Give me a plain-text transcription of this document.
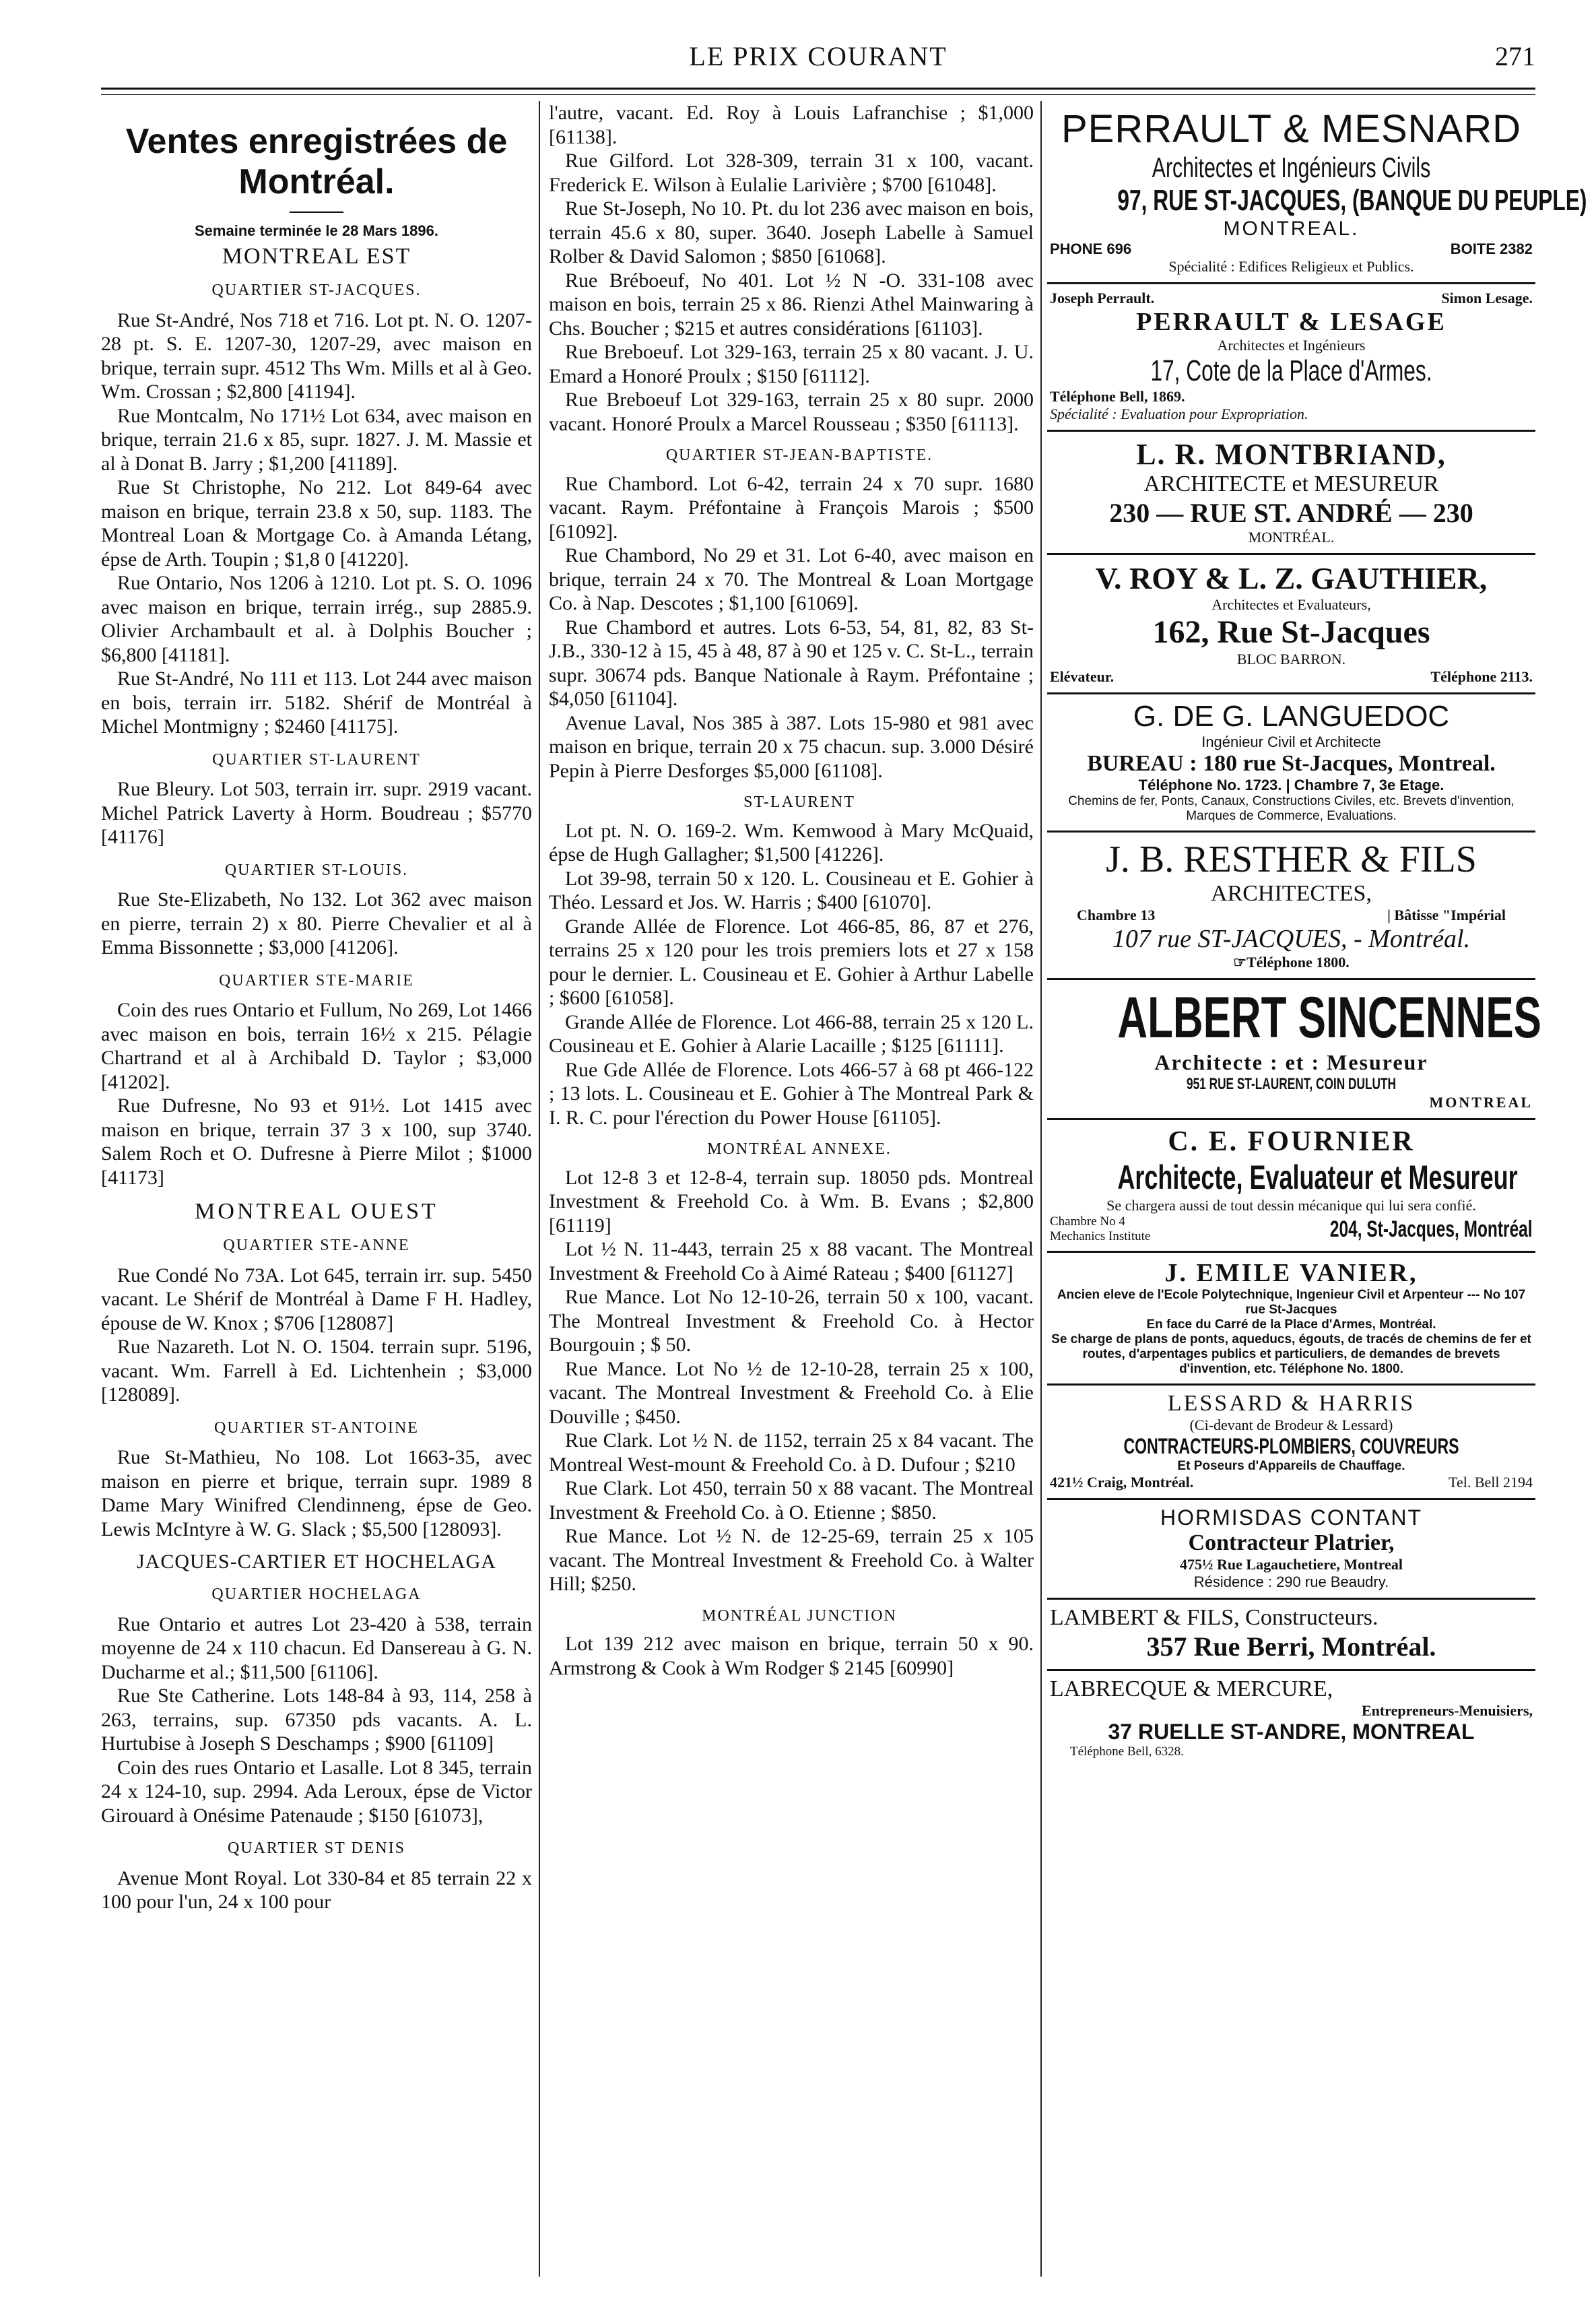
LE PRIX COURANT	271
Ventes enregistrées de Montréal.
Semaine terminée le 28 Mars 1896.
MONTREAL EST

QUARTIER ST-JACQUES.

Rue St-André, Nos 718 et 716. Lot pt. N. O. 1207-28 pt. S. E. 1207-30, 1207-29, avec maison en brique, terrain supr. 4512 Ths Wm. Mills et al à Geo. Wm. Crossan ; $2,800 [41194].

Rue Montcalm, No 171½ Lot 634, avec maison en brique, terrain 21.6 x 85, supr. 1827. J. M. Massie et al à Donat B. Jarry ; $1,200 [41189].

Rue St Christophe, No 212. Lot 849-64 avec maison en brique, terrain 23.8 x 50, sup. 1183. The Montreal Loan & Mortgage Co. à Amanda Létang, épse de Arth. Toupin ; $1,8 0 [41220].

Rue Ontario, Nos 1206 à 1210. Lot pt. S. O. 1096 avec maison en brique, terrain irrég., sup 2885.9. Olivier Archambault et al. à Dolphis Boucher ; $6,800 [41181].

Rue St-André, No 111 et 113. Lot 244 avec maison en bois, terrain irr. 5182. Shérif de Montréal à Michel Montmigny ; $2460 [41175].

QUARTIER ST-LAURENT

Rue Bleury. Lot 503, terrain irr. supr. 2919 vacant. Michel Patrick Laverty à Horm. Boudreau ; $5770 [41176]

QUARTIER ST-LOUIS.

Rue Ste-Elizabeth, No 132. Lot 362 avec maison en pierre, terrain 2) x 80. Pierre Chevalier et al à Emma Bissonnette ; $3,000 [41206].

QUARTIER STE-MARIE

Coin des rues Ontario et Fullum, No 269, Lot 1466 avec maison en bois, terrain 16½ x 215. Pélagie Chartrand et al à Archibald D. Taylor ; $3,000 [41202].

Rue Dufresne, No 93 et 91½. Lot 1415 avec maison en brique, terrain 37 3 x 100, sup 3740. Salem Roch et O. Dufresne à Pierre Milot ; $1000 [41173]

MONTREAL OUEST

QUARTIER STE-ANNE

Rue Condé No 73A. Lot 645, terrain irr. sup. 5450 vacant. Le Shérif de Montréal à Dame F H. Hadley, épouse de W. Knox ; $706 [128087]

Rue Nazareth. Lot N. O. 1504. terrain supr. 5196, vacant. Wm. Farrell à Ed. Lichtenhein ; $3,000 [128089].

QUARTIER ST-ANTOINE

Rue St-Mathieu, No 108. Lot 1663-35, avec maison en pierre et brique, terrain supr. 1989 8 Dame Mary Winifred Clendinneng, épse de Geo. Lewis McIntyre à W. G. Slack ; $5,500 [128093].

JACQUES-CARTIER ET HOCHELAGA

QUARTIER HOCHELAGA

Rue Ontario et autres Lot 23-420 à 538, terrain moyenne de 24 x 110 chacun. Ed Dansereau à G. N. Ducharme et al.; $11,500 [61106].

Rue Ste Catherine. Lots 148-84 à 93, 114, 258 à 263, terrains, sup. 67350 pds vacants. A. L. Hurtubise à Joseph S Deschamps ; $900 [61109]

Coin des rues Ontario et Lasalle. Lot 8 345, terrain 24 x 124-10, sup. 2994. Ada Leroux, épse de Victor Girouard à Onésime Patenaude ; $150 [61073],

QUARTIER ST DENIS

Avenue Mont Royal. Lot 330-84 et 85 terrain 22 x 100 pour l'un, 24 x 100 pour

l'autre, vacant. Ed. Roy à Louis Lafranchise ; $1,000 [61138].

Rue Gilford. Lot 328-309, terrain 31 x 100, vacant. Frederick E. Wilson à Eulalie Larivière ; $700 [61048].

Rue St-Joseph, No 10. Pt. du lot 236 avec maison en bois, terrain 45.6 x 80, super. 3640. Joseph Labelle à Samuel Rolber & David Salomon ; $850 [61068].

Rue Bréboeuf, No 401. Lot ½ N -O. 331-108 avec maison en bois, terrain 25 x 86. Rienzi Athel Mainwaring à Chs. Boucher ; $215 et autres considérations [61103].

Rue Breboeuf. Lot 329-163, terrain 25 x 80 vacant. J. U. Emard a Honoré Proulx ; $150 [61112].

Rue Breboeuf Lot 329-163, terrain 25 x 80 supr. 2000 vacant. Honoré Proulx a Marcel Rousseau ; $350 [61113].

QUARTIER ST-JEAN-BAPTISTE.

Rue Chambord. Lot 6-42, terrain 24 x 70 supr. 1680 vacant. Raym. Préfontaine à François Marois ; $500 [61092].

Rue Chambord, No 29 et 31. Lot 6-40, avec maison en brique, terrain 24 x 70. The Montreal & Loan Mortgage Co. à Nap. Descotes ; $1,100 [61069].

Rue Chambord et autres. Lots 6-53, 54, 81, 82, 83 St-J.B., 330-12 à 15, 45 à 48, 87 à 90 et 125 v. C. St-L., terrain supr. 30674 pds. Banque Nationale à Raym. Préfontaine ; $4,050 [61104].

Avenue Laval, Nos 385 à 387. Lots 15-980 et 981 avec maison en brique, terrain 20 x 75 chacun. sup. 3.000 Désiré Pepin à Pierre Desforges $5,000 [61108].

ST-LAURENT

Lot pt. N. O. 169-2. Wm. Kemwood à Mary McQuaid, épse de Hugh Gallagher; $1,500 [41226].

Lot 39-98, terrain 50 x 120. L. Cousineau et E. Gohier à Théo. Lessard et Jos. W. Harris ; $400 [61070].

Grande Allée de Florence. Lot 466-85, 86, 87 et 276, terrains 25 x 120 pour les trois premiers lots et 27 x 158 pour le dernier. L. Cousineau et E. Gohier à Arthur Labelle ; $600 [61058].

Grande Allée de Florence. Lot 466-88, terrain 25 x 120 L. Cousineau et E. Gohier à Alarie Lacaille ; $125 [61111].

Rue Gde Allée de Florence. Lots 466-57 à 68 pt 466-122 ; 13 lots. L. Cousineau et E. Gohier à The Montreal Park & I. R. C. pour l'érection du Power House [61105].

MONTRÉAL ANNEXE.

Lot 12-8 3 et 12-8-4, terrain sup. 18050 pds. Montreal Investment & Freehold Co. à Wm. B. Evans ; $2,800 [61119]

Lot ½ N. 11-443, terrain 25 x 88 vacant. The Montreal Investment & Freehold Co à Aimé Rateau ; $400 [61127]

Rue Mance. Lot No 12-10-26, terrain 50 x 100, vacant. The Montreal Investment & Freehold Co. à Hector Bourgouin ; $ 50.

Rue Mance. Lot No ½ de 12-10-28, terrain 25 x 100, vacant. The Montreal Investment & Freehold Co. à Elie Douville ; $450.

Rue Clark. Lot ½ N. de 1152, terrain 25 x 84 vacant. The Montreal West-mount & Freehold Co. à D. Dufour ; $210

Rue Clark. Lot 450, terrain 50 x 88 vacant. The Montreal Investment & Freehold Co. à O. Etienne ; $850.

Rue Mance. Lot ½ N. de 12-25-69, terrain 25 x 105 vacant. The Montreal Investment & Freehold Co. à Walter Hill; $250.

MONTRÉAL JUNCTION

Lot 139 212 avec maison en brique, terrain 50 x 90. Armstrong & Cook à Wm Rodger $ 2145 [60990]

PERRAULT & MESNARD
Architectes et Ingénieurs Civils
97, RUE ST-JACQUES, (BANQUE DU PEUPLE)
MONTREAL.
PHONE 696	BOITE 2382
Spécialité : Edifices Religieux et Publics.
Joseph Perrault.	Simon Lesage.
PERRAULT & LESAGE
Architectes et Ingénieurs
17, Cote de la Place d'Armes.
Téléphone Bell, 1869.
Spécialité : Evaluation pour Expropriation.
L. R. MONTBRIAND,
ARCHITECTE et MESUREUR
230 — RUE ST. ANDRÉ — 230
MONTRÉAL.
V. ROY & L. Z. GAUTHIER,
Architectes et Evaluateurs,
162, Rue St-Jacques
BLOC BARRON.
Elévateur.	Téléphone 2113.
G. DE G. LANGUEDOC
Ingénieur Civil et Architecte
BUREAU : 180 rue St-Jacques, Montreal.
Téléphone No. 1723. | Chambre 7, 3e Etage.
Chemins de fer, Ponts, Canaux, Constructions Civiles, etc. Brevets d'invention, Marques de Commerce, Evaluations.
J. B. RESTHER & FILS
ARCHITECTES,
Chambre 13	| Bâtisse "Impérial
107 rue ST-JACQUES, - Montréal.
☞Téléphone 1800.
ALBERT SINCENNES
Architecte : et : Mesureur
951 RUE ST-LAURENT, COIN DULUTH
MONTREAL
C. E. FOURNIER
Architecte, Evaluateur et Mesureur
Se chargera aussi de tout dessin mécanique qui lui sera confié.
Chambre No 4
Mechanics Institute	204, St-Jacques, Montréal
J. EMILE VANIER,
Ancien eleve de l'Ecole Polytechnique, Ingenieur Civil et Arpenteur --- No 107 rue St-Jacques
En face du Carré de la Place d'Armes, Montréal.
Se charge de plans de ponts, aqueducs, égouts, de tracés de chemins de fer et routes, d'arpentages publics et particuliers, de demandes de brevets d'invention, etc. Téléphone No. 1800.
LESSARD & HARRIS
(Ci-devant de Brodeur & Lessard)
CONTRACTEURS-PLOMBIERS, COUVREURS
Et Poseurs d'Appareils de Chauffage.
421½ Craig, Montréal.	Tel. Bell 2194
HORMISDAS CONTANT
Contracteur Platrier,
475½ Rue Lagauchetiere, Montreal
Résidence : 290 rue Beaudry.
LAMBERT & FILS, Constructeurs.
357 Rue Berri, Montréal.
LABRECQUE & MERCURE,
Entrepreneurs-Menuisiers,
37 RUELLE ST-ANDRE, MONTREAL
Téléphone Bell, 6328.
